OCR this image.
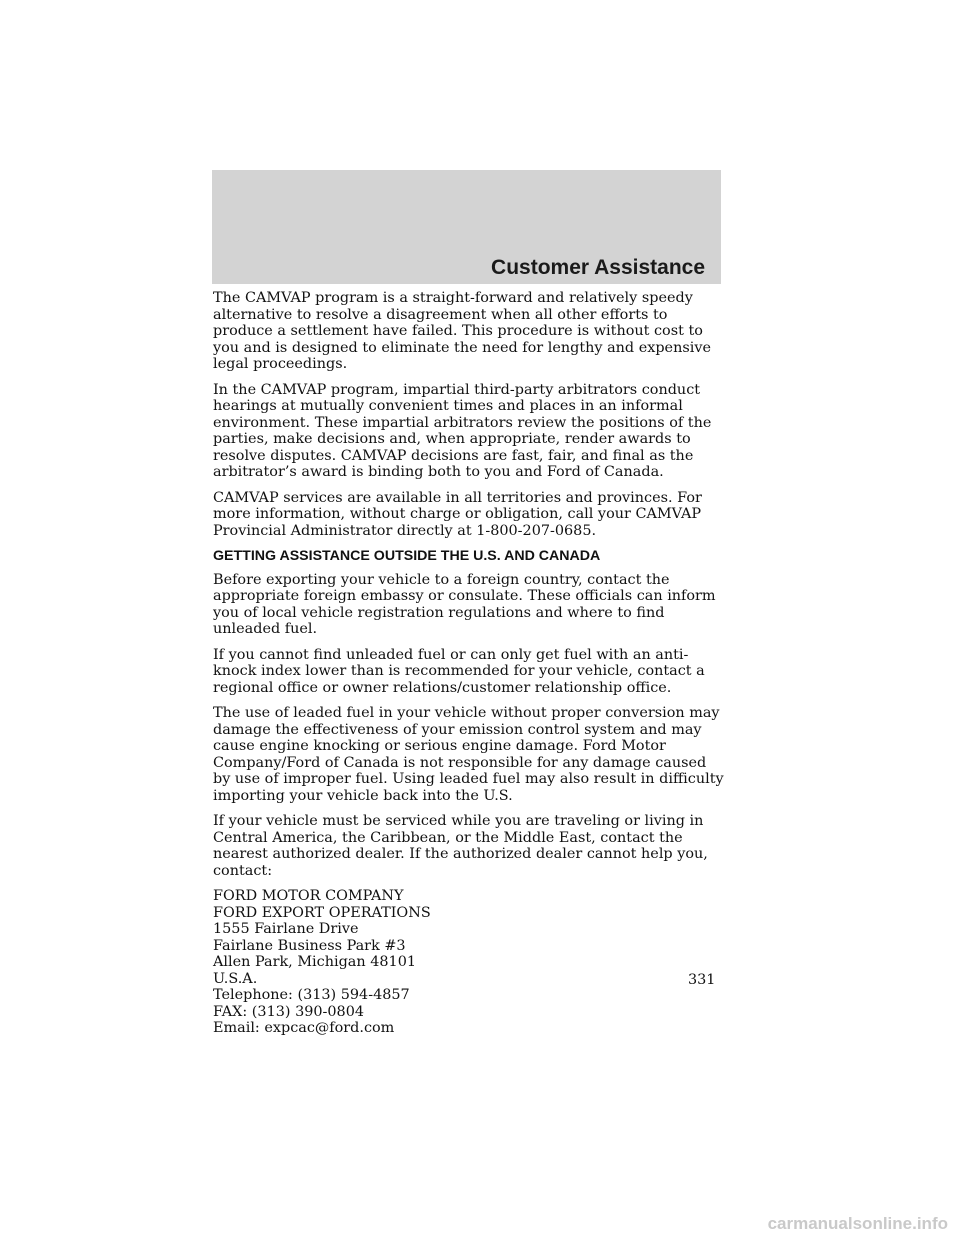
Customer Assistance

The CAMVAP program is a straight-forward and relatively speedy alternative to resolve a disagreement when all other efforts to produce a settlement have failed. This procedure is without cost to you and is designed to eliminate the need for lengthy and expensive legal proceedings.

In the CAMVAP program, impartial third-party arbitrators conduct hearings at mutually convenient times and places in an informal environment. These impartial arbitrators review the positions of the parties, make decisions and, when appropriate, render awards to resolve disputes. CAMVAP decisions are fast, fair, and final as the arbitrator’s award is binding both to you and Ford of Canada.

CAMVAP services are available in all territories and provinces. For more information, without charge or obligation, call your CAMVAP Provincial Administrator directly at 1-800-207-0685.

GETTING ASSISTANCE OUTSIDE THE U.S. AND CANADA

Before exporting your vehicle to a foreign country, contact the appropriate foreign embassy or consulate. These officials can inform you of local vehicle registration regulations and where to find unleaded fuel.

If you cannot find unleaded fuel or can only get fuel with an anti-knock index lower than is recommended for your vehicle, contact a regional office or owner relations/customer relationship office.

The use of leaded fuel in your vehicle without proper conversion may damage the effectiveness of your emission control system and may cause engine knocking or serious engine damage. Ford Motor Company/Ford of Canada is not responsible for any damage caused by use of improper fuel. Using leaded fuel may also result in difficulty importing your vehicle back into the U.S.

If your vehicle must be serviced while you are traveling or living in Central America, the Caribbean, or the Middle East, contact the nearest authorized dealer. If the authorized dealer cannot help you, contact:

FORD MOTOR COMPANY
FORD EXPORT OPERATIONS
1555 Fairlane Drive
Fairlane Business Park #3
Allen Park, Michigan 48101
U.S.A.
Telephone: (313) 594-4857
FAX: (313) 390-0804
Email: expcac@ford.com
331
carmanualsonline.info
